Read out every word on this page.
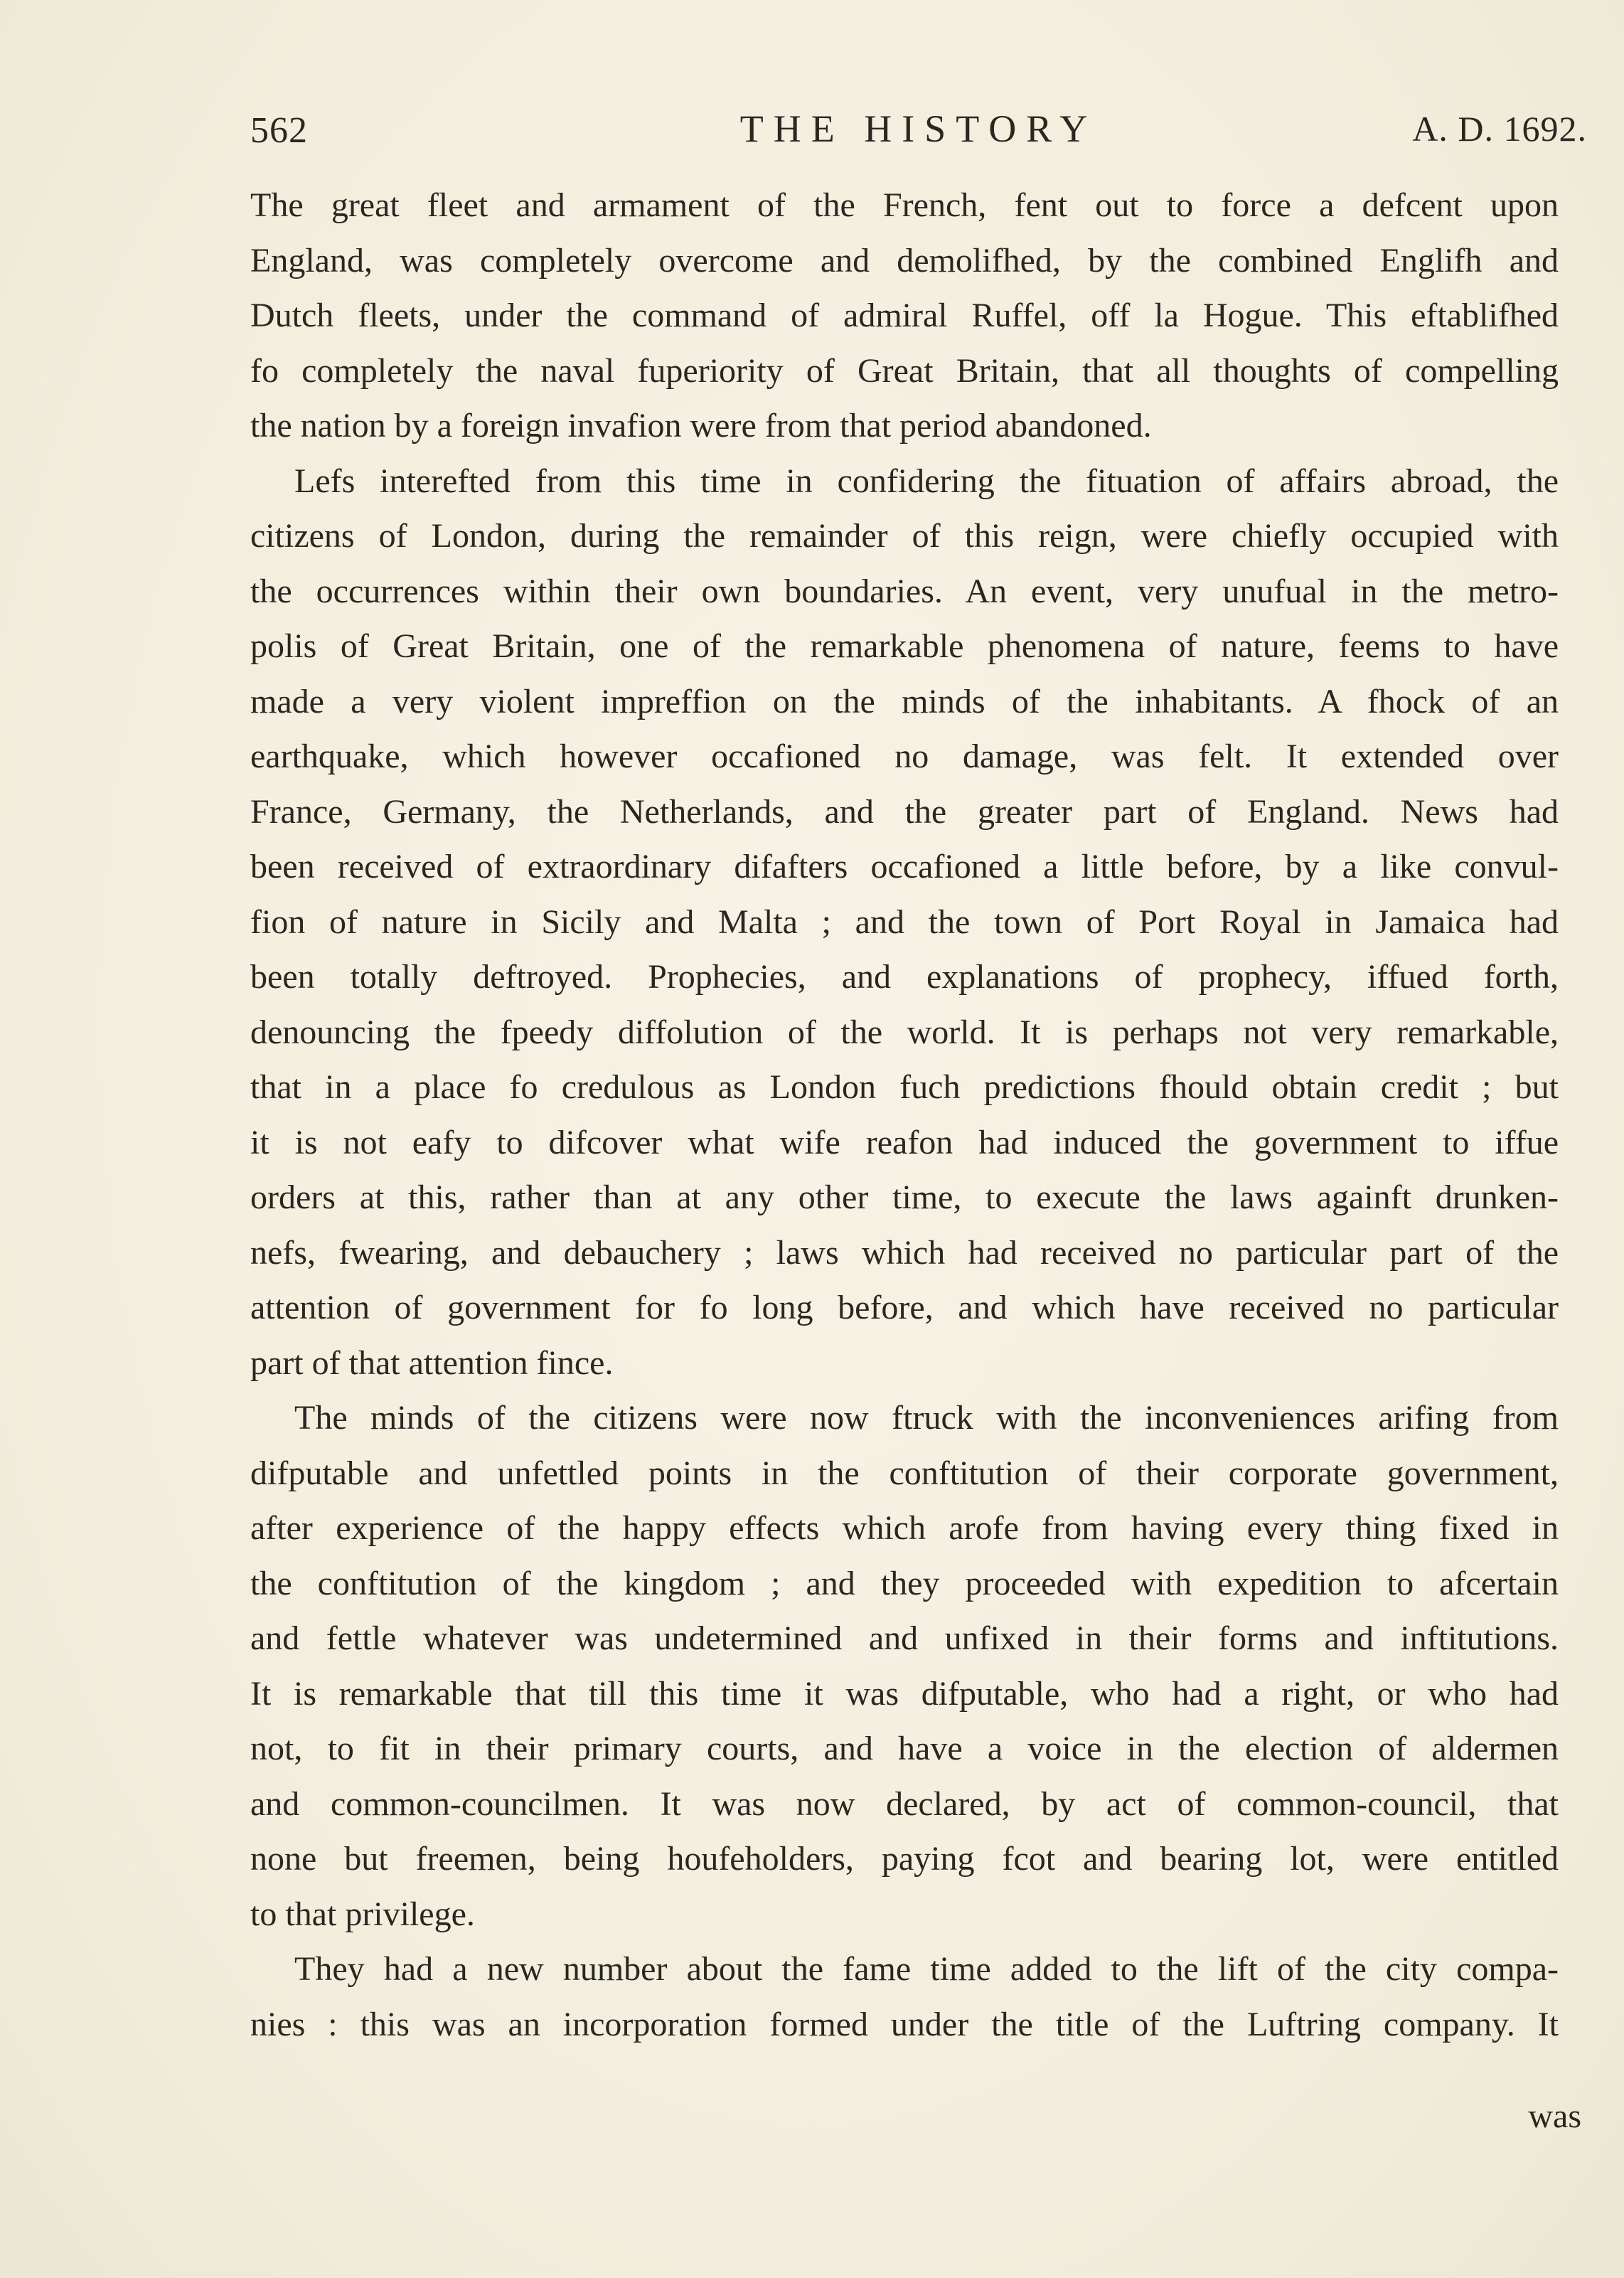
562	THE HISTORY	A. D. 1692.
The great fleet and armament of the French, fent out to force a defcent upon
England, was completely overcome and demolifhed, by the combined Englifh and
Dutch fleets, under the command of admiral Ruffel, off la Hogue. This eftablifhed
fo completely the naval fuperiority of Great Britain, that all thoughts of compelling
the nation by a foreign invafion were from that period abandoned.
Lefs interefted from this time in confidering the fituation of affairs abroad, the
citizens of London, during the remainder of this reign, were chiefly occupied with
the occurrences within their own boundaries. An event, very unufual in the metro-
polis of Great Britain, one of the remarkable phenomena of nature, feems to have
made a very violent impreffion on the minds of the inhabitants. A fhock of an
earthquake, which however occafioned no damage, was felt. It extended over
France, Germany, the Netherlands, and the greater part of England. News had
been received of extraordinary difafters occafioned a little before, by a like convul-
fion of nature in Sicily and Malta ; and the town of Port Royal in Jamaica had
been totally deftroyed. Prophecies, and explanations of prophecy, iffued forth,
denouncing the fpeedy diffolution of the world. It is perhaps not very remarkable,
that in a place fo credulous as London fuch predictions fhould obtain credit ; but
it is not eafy to difcover what wife reafon had induced the government to iffue
orders at this, rather than at any other time, to execute the laws againft drunken-
nefs, fwearing, and debauchery ; laws which had received no particular part of the
attention of government for fo long before, and which have received no particular
part of that attention fince.
The minds of the citizens were now ftruck with the inconveniences arifing from
difputable and unfettled points in the conftitution of their corporate government,
after experience of the happy effects which arofe from having every thing fixed in
the conftitution of the kingdom ; and they proceeded with expedition to afcertain
and fettle whatever was undetermined and unfixed in their forms and inftitutions.
It is remarkable that till this time it was difputable, who had a right, or who had
not, to fit in their primary courts, and have a voice in the election of aldermen
and common-councilmen. It was now declared, by act of common-council, that
none but freemen, being houfeholders, paying fcot and bearing lot, were entitled
to that privilege.
They had a new number about the fame time added to the lift of the city compa-
nies : this was an incorporation formed under the title of the Luftring company. It
was
